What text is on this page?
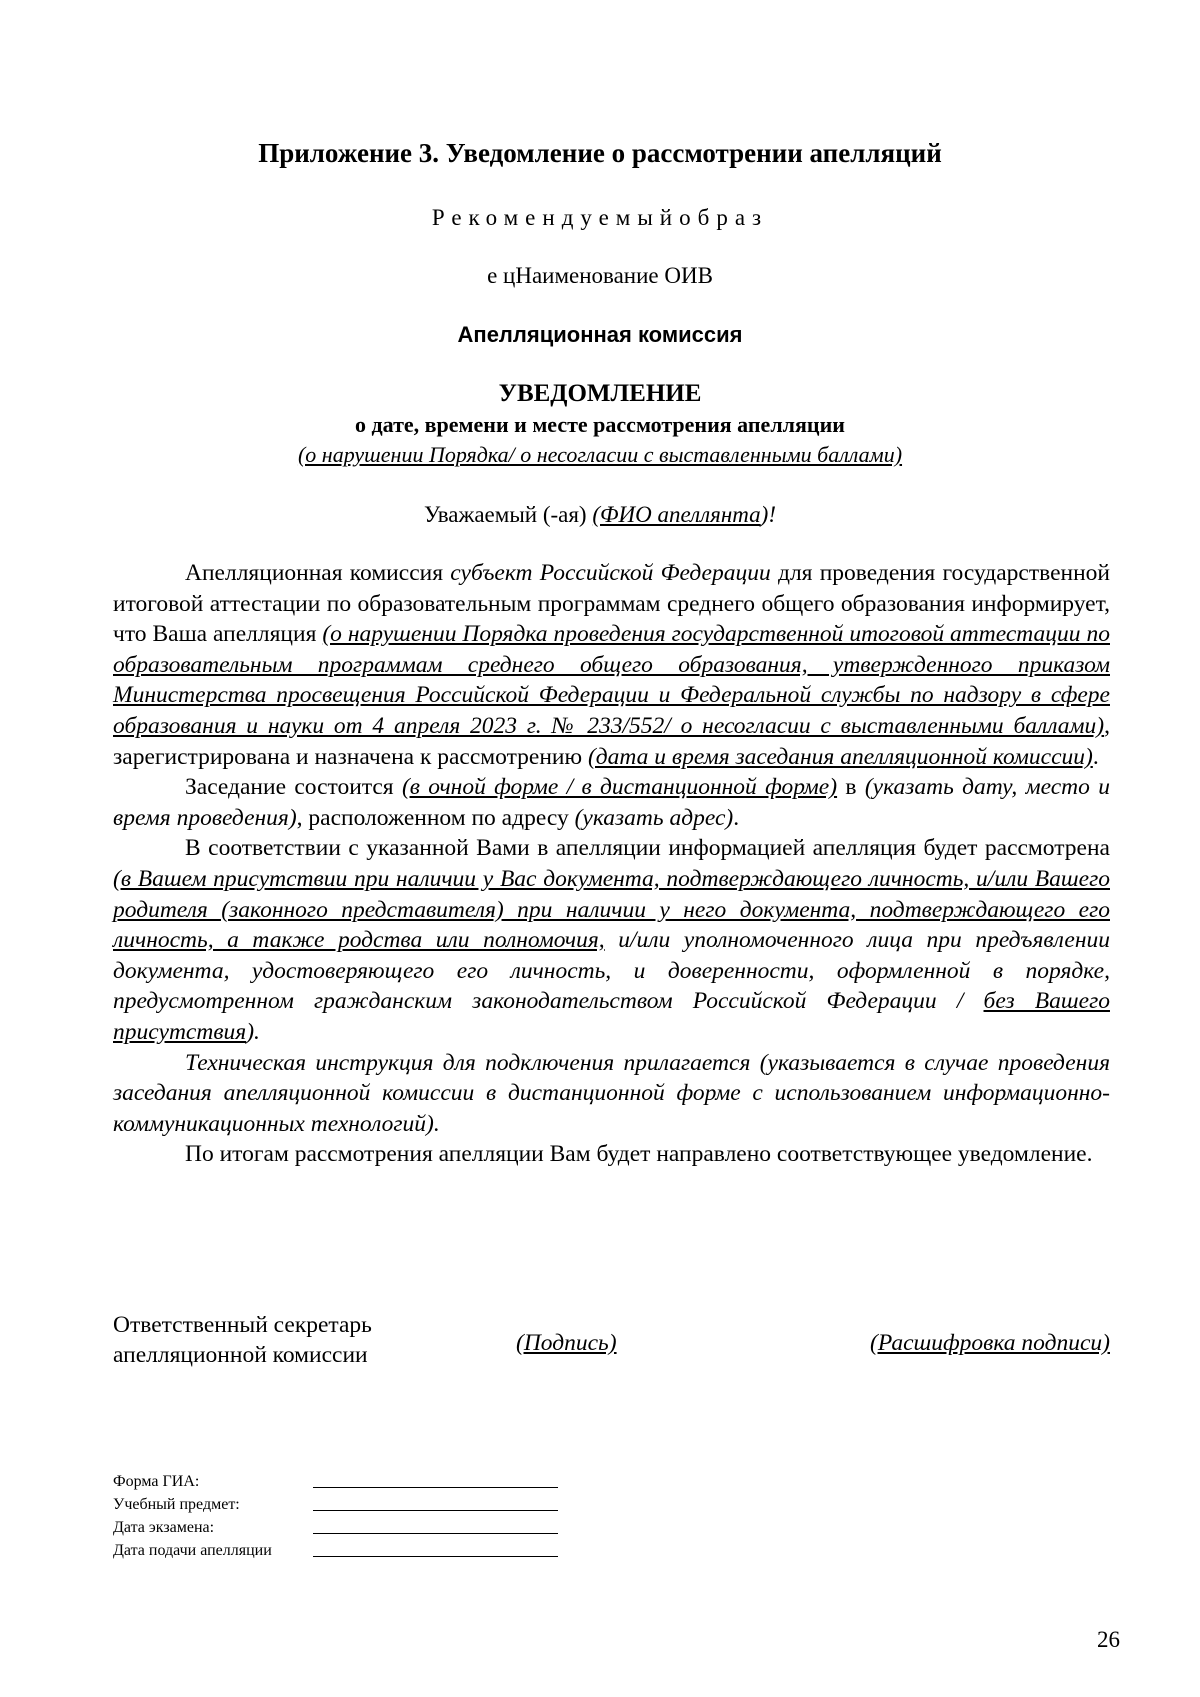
Приложение 3. Уведомление о рассмотрении апелляций
Рекомендуемыйобраз
е цНаименование ОИВ
Апелляционная комиссия
УВЕДОМЛЕНИЕ
о дате, времени и месте рассмотрения апелляции
(о нарушении Порядка/ о несогласии с выставленными баллами)
Уважаемый (-ая) (ФИО апеллянта)!

Апелляционная комиссия субъект Российской Федерации для проведения государственной итоговой аттестации по образовательным программам среднего общего образования информирует, что Ваша апелляция (о нарушении Порядка проведения государственной итоговой аттестации по образовательным программам среднего общего образования, утвержденного приказом Министерства просвещения Российской Федерации и Федеральной службы по надзору в сфере образования и науки от 4 апреля 2023 г. № 233/552/ о несогласии с выставленными баллами), зарегистрирована и назначена к рассмотрению (дата и время заседания апелляционной комиссии).

Заседание состоится (в очной форме / в дистанционной форме) в (указать дату, место и время проведения), расположенном по адресу (указать адрес).

В соответствии с указанной Вами в апелляции информацией апелляция будет рассмотрена (в Вашем присутствии при наличии у Вас документа, подтверждающего личность, и/или Вашего родителя (законного представителя) при наличии у него документа, подтверждающего его личность, а также родства или полномочия, и/или уполномоченного лица при предъявлении документа, удостоверяющего его личность, и доверенности, оформленной в порядке, предусмотренном гражданским законодательством Российской Федерации / без Вашего присутствия).

Техническая инструкция для подключения прилагается (указывается в случае проведения заседания апелляционной комиссии в дистанционной форме с использованием информационно-коммуникационных технологий).

По итогам рассмотрения апелляции Вам будет направлено соответствующее уведомление.

Ответственный секретарь
апелляционной комиссии	(Подпись)	(Расшифровка подписи)
Форма ГИА:
Учебный предмет:
Дата экзамена:
Дата подачи апелляции
26
